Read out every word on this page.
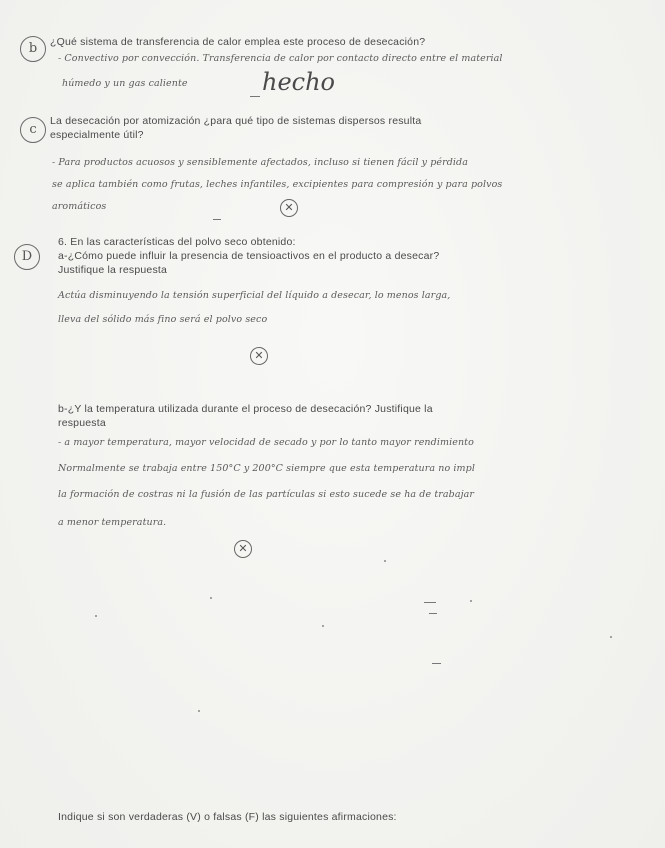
b	¿Qué sistema de transferencia de calor emplea este proceso de desecación?
- Convectivo por convección. Transferencia de calor por contacto directo entre el material
húmedo y un gas caliente	hecho
c
La desecación por atomización ¿para qué tipo de sistemas dispersos resulta
especialmente útil?
- Para productos acuosos y sensiblemente afectados, incluso si tienen fácil y pérdida
se aplica también como frutas, leches infantiles, excipientes para compresión y para polvos
aromáticos	✕
D
6. En las características del polvo seco obtenido:
a-¿Cómo puede influir la presencia de tensioactivos en el producto a desecar?
Justifique la respuesta
Actúa disminuyendo la tensión superficial del líquido a desecar, lo menos larga,
lleva del sólido más fino será el polvo seco
✕
b-¿Y la temperatura utilizada durante el proceso de desecación? Justifique la
respuesta
- a mayor temperatura, mayor velocidad de secado y por lo tanto mayor rendimiento
Normalmente se trabaja entre 150°C y 200°C siempre que esta temperatura no impl
la formación de costras ni la fusión de las partículas si esto sucede se ha de trabajar
a menor temperatura.
✕
Indique si son verdaderas (V) o falsas (F) las siguientes afirmaciones:
